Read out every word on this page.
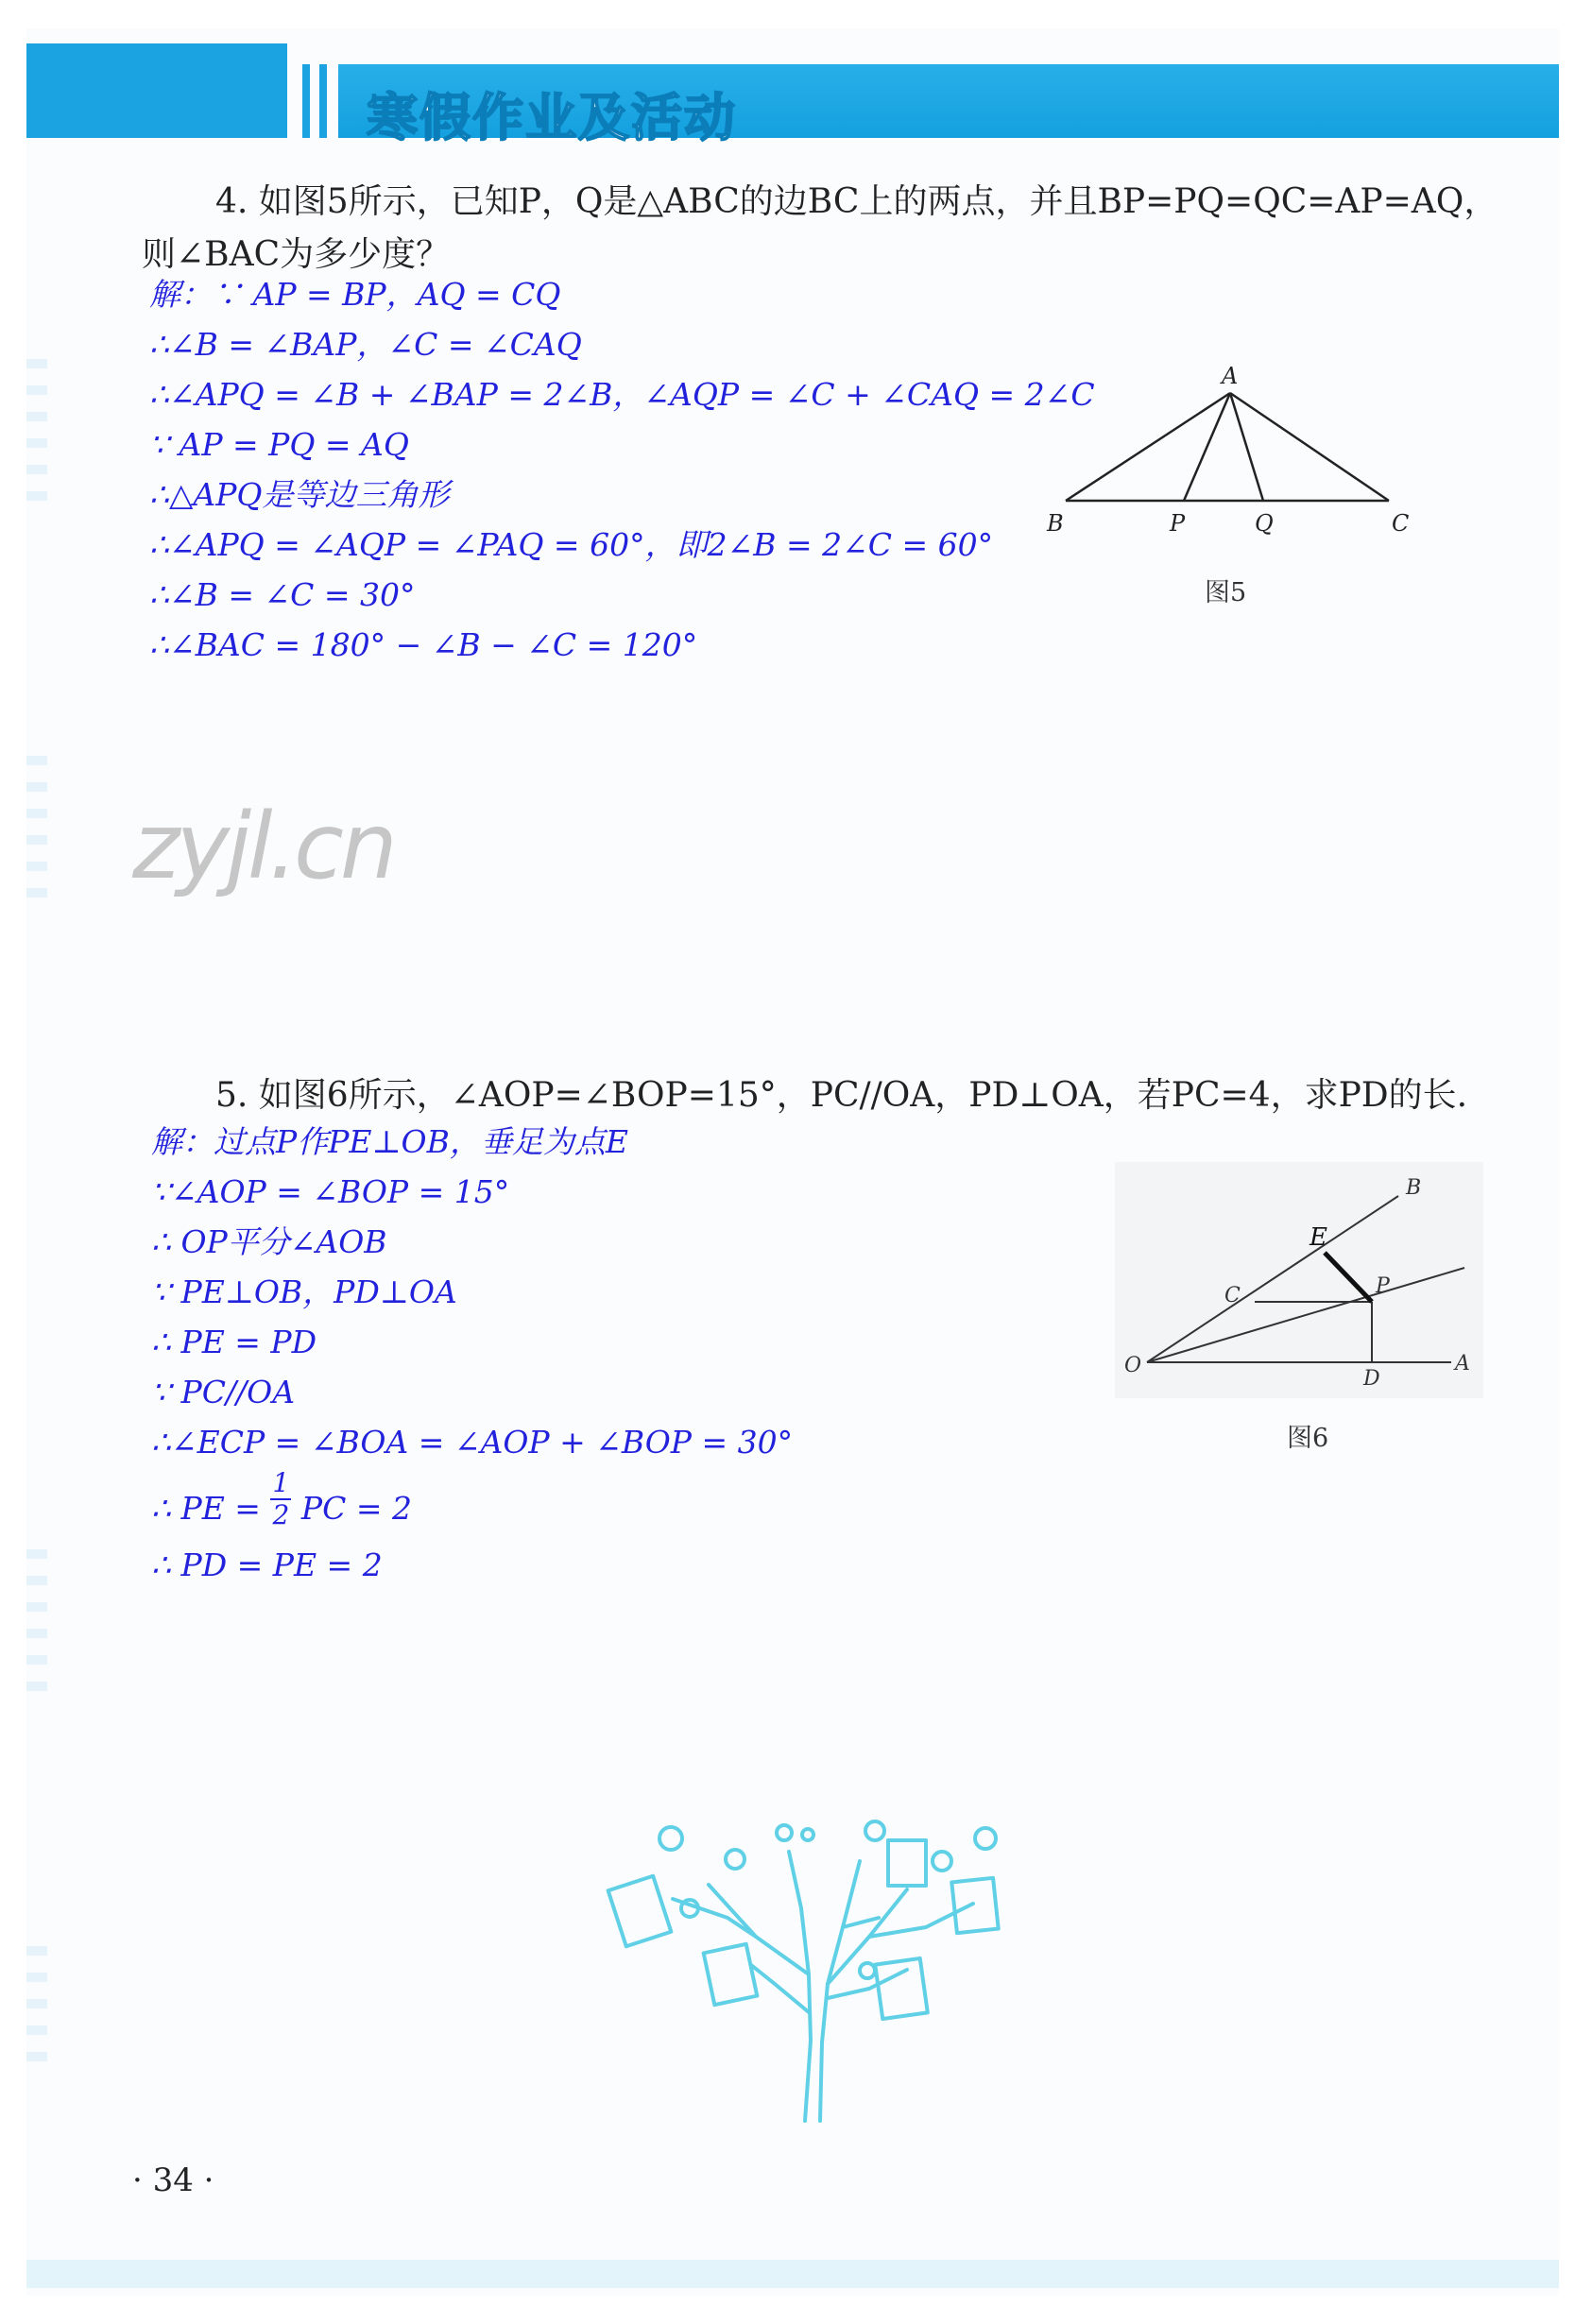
寒假作业及活动
4. 如图5所示，已知P，Q是△ABC的边BC上的两点，并且BP=PQ=QC=AP=AQ，
则∠BAC为多少度？
解：∵ AP = BP，AQ = CQ
∴∠B = ∠BAP，∠C = ∠CAQ
∴∠APQ = ∠B + ∠BAP = 2∠B，∠AQP = ∠C + ∠CAQ = 2∠C
∵ AP = PQ = AQ
∴△APQ是等边三角形
∴∠APQ = ∠AQP = ∠PAQ = 60°，即2∠B = 2∠C = 60°
∴∠B = ∠C = 30°
∴∠BAC = 180° − ∠B − ∠C = 120°
A
B	P	Q	C
图5
zyjl.cn
5. 如图6所示，∠AOP=∠BOP=15°，PC//OA，PD⊥OA，若PC=4，求PD的长.
解：过点P作PE⊥OB，垂足为点E
∵∠AOP = ∠BOP = 15°
∴ OP平分∠AOB
∵ PE⊥OB，PD⊥OA
∴ PE = PD
∵ PC//OA
∴∠ECP = ∠BOA = ∠AOP + ∠BOP = 30°
∴ PE = $\frac{1}{2}$ PC = 2
∴ PD = PE = 2
B
E
C	P
O
D
A
图6
· 34 ·
